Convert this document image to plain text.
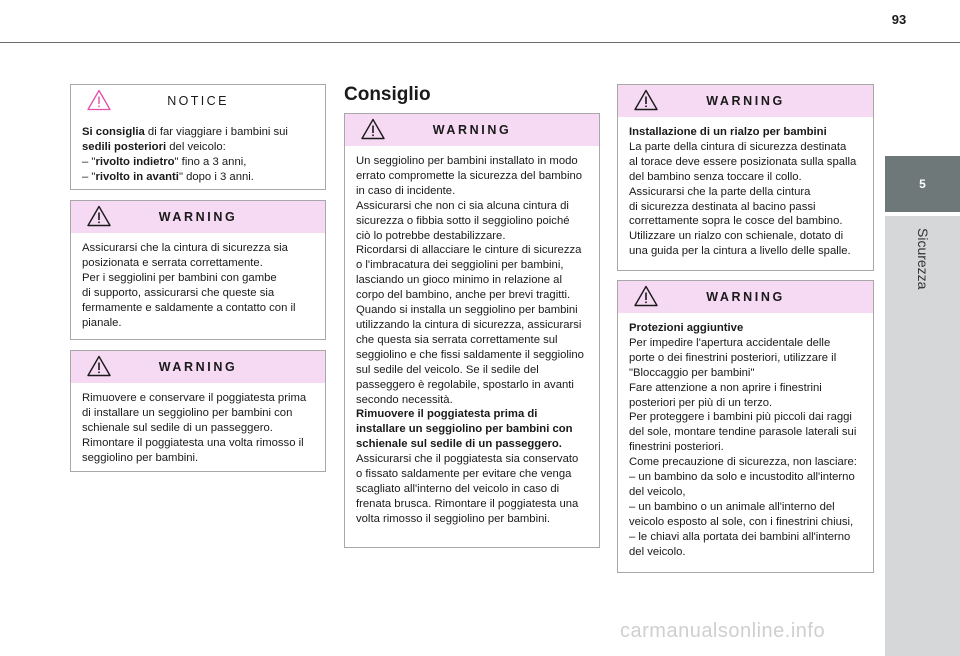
93
5
Sicurezza
NOTICE

Si consiglia di far viaggiare i bambini sui

sedili posteriori del veicolo:

– "rivolto indietro" fino a 3 anni,

– "rivolto in avanti" dopo i 3 anni.

WARNING

Assicurarsi che la cintura di sicurezza sia

posizionata e serrata correttamente.

Per i seggiolini per bambini con gambe

di supporto, assicurarsi che queste sia

fermamente e saldamente a contatto con il

pianale.

WARNING

Rimuovere e conservare il poggiatesta prima

di installare un seggiolino per bambini con

schienale sul sedile di un passeggero.

Rimontare il poggiatesta una volta rimosso il

seggiolino per bambini.

Consiglio
WARNING

Un seggiolino per bambini installato in modo

errato compromette la sicurezza del bambino

in caso di incidente.

Assicurarsi che non ci sia alcuna cintura di

sicurezza o fibbia sotto il seggiolino poiché

ciò lo potrebbe destabilizzare.

Ricordarsi di allacciare le cinture di sicurezza

o l'imbracatura dei seggiolini per bambini,

lasciando un gioco minimo in relazione al

corpo del bambino, anche per brevi tragitti.

Quando si installa un seggiolino per bambini

utilizzando la cintura di sicurezza, assicurarsi

che questa sia serrata correttamente sul

seggiolino e che fissi saldamente il seggiolino

sul sedile del veicolo. Se il sedile del

passeggero è regolabile, spostarlo in avanti

secondo necessità.

Rimuovere il poggiatesta prima di

installare un seggiolino per bambini con

schienale sul sedile di un passeggero.

Assicurarsi che il poggiatesta sia conservato

o fissato saldamente per evitare che venga

scagliato all'interno del veicolo in caso di

frenata brusca. Rimontare il poggiatesta una

volta rimosso il seggiolino per bambini.

WARNING

Installazione di un rialzo per bambini

La parte della cintura di sicurezza destinata

al torace deve essere posizionata sulla spalla

del bambino senza toccare il collo.

Assicurarsi che la parte della cintura

di sicurezza destinata al bacino passi

correttamente sopra le cosce del bambino.

Utilizzare un rialzo con schienale, dotato di

una guida per la cintura a livello delle spalle.

WARNING

Protezioni aggiuntive

Per impedire l'apertura accidentale delle

porte o dei finestrini posteriori, utilizzare il

"Bloccaggio per bambini"

Fare attenzione a non aprire i finestrini

posteriori per più di un terzo.

Per proteggere i bambini più piccoli dai raggi

del sole, montare tendine parasole laterali sui

finestrini posteriori.

Come precauzione di sicurezza, non lasciare:

– un bambino da solo e incustodito all'interno

del veicolo,

– un bambino o un animale all'interno del

veicolo esposto al sole, con i finestrini chiusi,

– le chiavi alla portata dei bambini all'interno

del veicolo.

carmanualsonline.info
